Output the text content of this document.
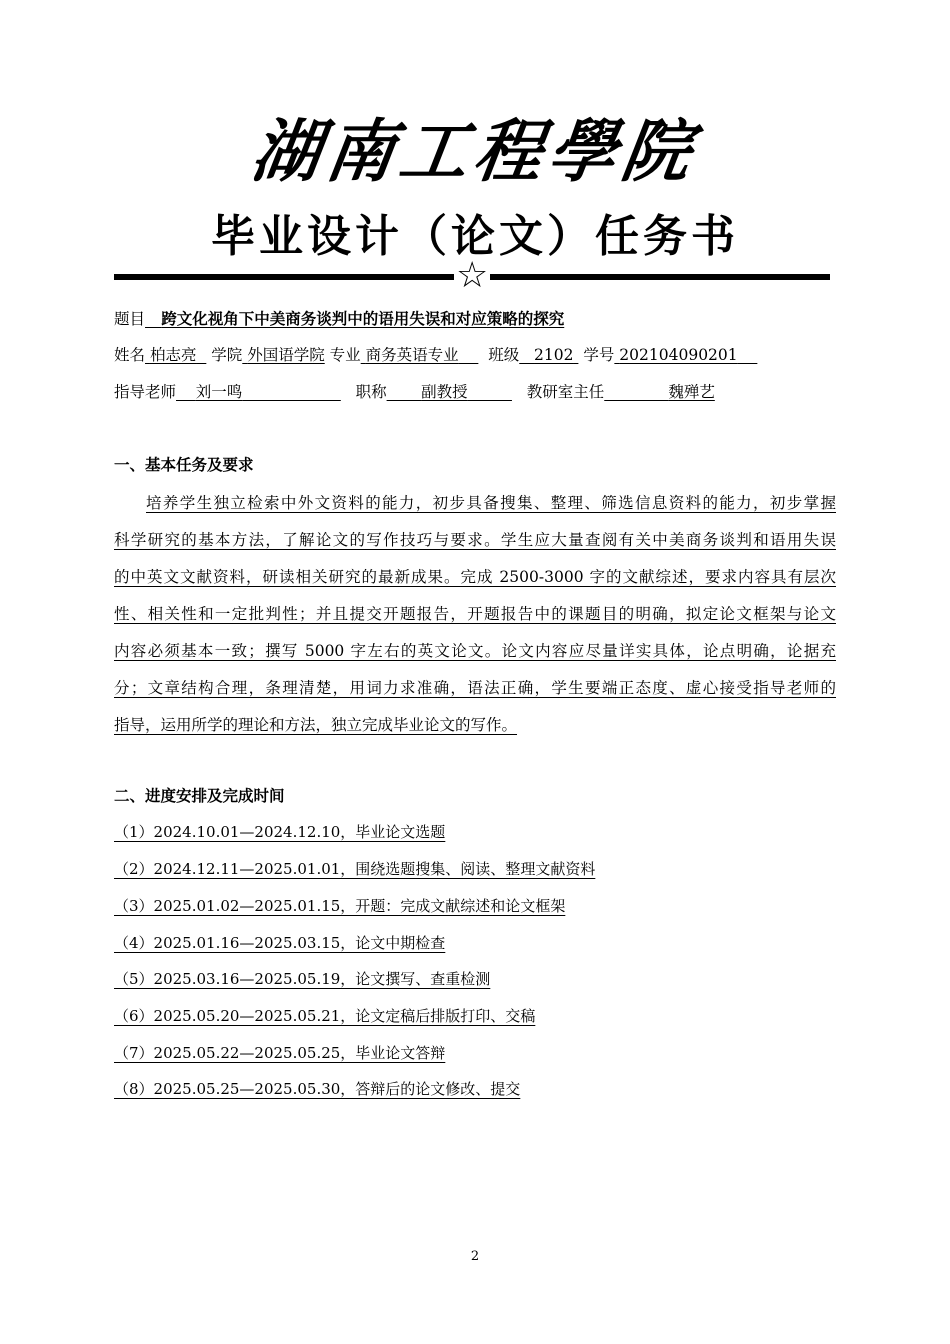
湖南工程學院
毕业设计（论文）任务书
☆
题目 跨文化视角下中美商务谈判中的语用失误和对应策略的探究
姓名 柏志亮 学院 外国语学院 专业 商务英语专业 班级 2102 学号 202104090201
指导老师 刘一鸣	职称 副教授	教研室主任	魏殚艺
一、基本任务及要求
培养学生独立检索中外文资料的能力，初步具备搜集、整理、筛选信息资料的能力，初步掌握
科学研究的基本方法，了解论文的写作技巧与要求。学生应大量查阅有关中美商务谈判和语用失误
的中英文文献资料，研读相关研究的最新成果。完成 2500-3000 字的文献综述，要求内容具有层次
性、相关性和一定批判性；并且提交开题报告，开题报告中的课题目的明确，拟定论文框架与论文
内容必须基本一致；撰写 5000 字左右的英文论文。论文内容应尽量详实具体，论点明确，论据充
分；文章结构合理，条理清楚，用词力求准确，语法正确，学生要端正态度、虚心接受指导老师的
指导，运用所学的理论和方法，独立完成毕业论文的写作。
二、进度安排及完成时间
（1）2024.10.01—2024.12.10，毕业论文选题
（2）2024.12.11—2025.01.01，围绕选题搜集、阅读、整理文献资料
（3）2025.01.02—2025.01.15，开题：完成文献综述和论文框架
（4）2025.01.16—2025.03.15，论文中期检查
（5）2025.03.16—2025.05.19，论文撰写、查重检测
（6）2025.05.20—2025.05.21，论文定稿后排版打印、交稿
（7）2025.05.22—2025.05.25，毕业论文答辩
（8）2025.05.25—2025.05.30，答辩后的论文修改、提交
2
